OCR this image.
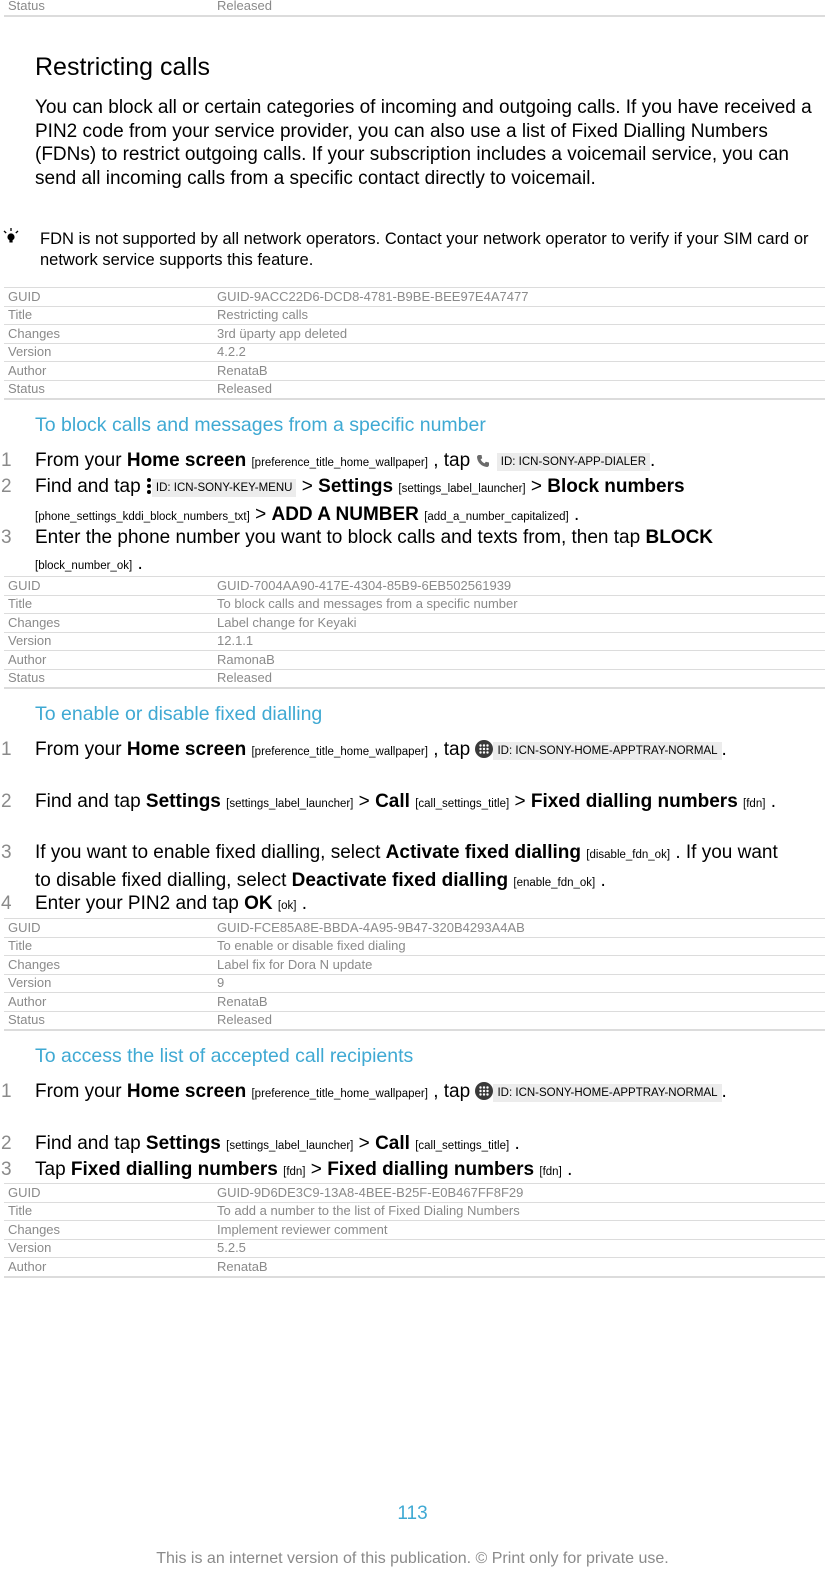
Status	Released
Restricting calls

You can block all or certain categories of incoming and outgoing calls. If you have received a PIN2 code from your service provider, you can also use a list of Fixed Dialling Numbers (FDNs) to restrict outgoing calls. If your subscription includes a voicemail service, you can send all incoming calls from a specific contact directly to voicemail.

FDN is not supported by all network operators. Contact your network operator to verify if your SIM card or network service supports this feature.

GUID	GUID-9ACC22D6-DCD8-4781-B9BE-BEE97E4A7477
Title	Restricting calls
Changes	3rd üparty app deleted
Version	4.2.2
Author	RenataB
Status	Released
To block calls and messages from a specific number
1 From your Home screen [preference_title_home_wallpaper] , tap	ID: ICN-SONY-APP-DIALER .

2 Find and tap ID: ICN-SONY-KEY-MENU > Settings [settings_label_launcher] > Block numbers [phone_settings_kddi_block_numbers_txt] > ADD A NUMBER [add_a_number_capitalized] .

3 Enter the phone number you want to block calls and texts from, then tap BLOCK [block_number_ok] .

GUID	GUID-7004AA90-417E-4304-85B9-6EB502561939
Title	To block calls and messages from a specific number
Changes	Label change for Keyaki
Version	12.1.1
Author	RamonaB
Status	Released
To enable or disable fixed dialling
1 From your Home screen [preference_title_home_wallpaper] , tap ID: ICN-SONY-HOME-APPTRAY-NORMAL .

2 Find and tap Settings [settings_label_launcher] > Call [call_settings_title] > Fixed dialling numbers [fdn] .

3 If you want to enable fixed dialling, select Activate fixed dialling [disable_fdn_ok] . If you want to disable fixed dialling, select Deactivate fixed dialling [enable_fdn_ok] .

4 Enter your PIN2 and tap OK [ok] .

GUID	GUID-FCE85A8E-BBDA-4A95-9B47-320B4293A4AB
Title	To enable or disable fixed dialing
Changes	Label fix for Dora N update
Version	9
Author	RenataB
Status	Released
To access the list of accepted call recipients
1 From your Home screen [preference_title_home_wallpaper] , tap ID: ICN-SONY-HOME-APPTRAY-NORMAL .

2 Find and tap Settings [settings_label_launcher] > Call [call_settings_title] .

3 Tap Fixed dialling numbers [fdn] > Fixed dialling numbers [fdn] .

GUID	GUID-9D6DE3C9-13A8-4BEE-B25F-E0B467FF8F29
Title	To add a number to the list of Fixed Dialing Numbers
Changes	Implement reviewer comment
Version	5.2.5
Author	RenataB
113
This is an internet version of this publication. © Print only for private use.
